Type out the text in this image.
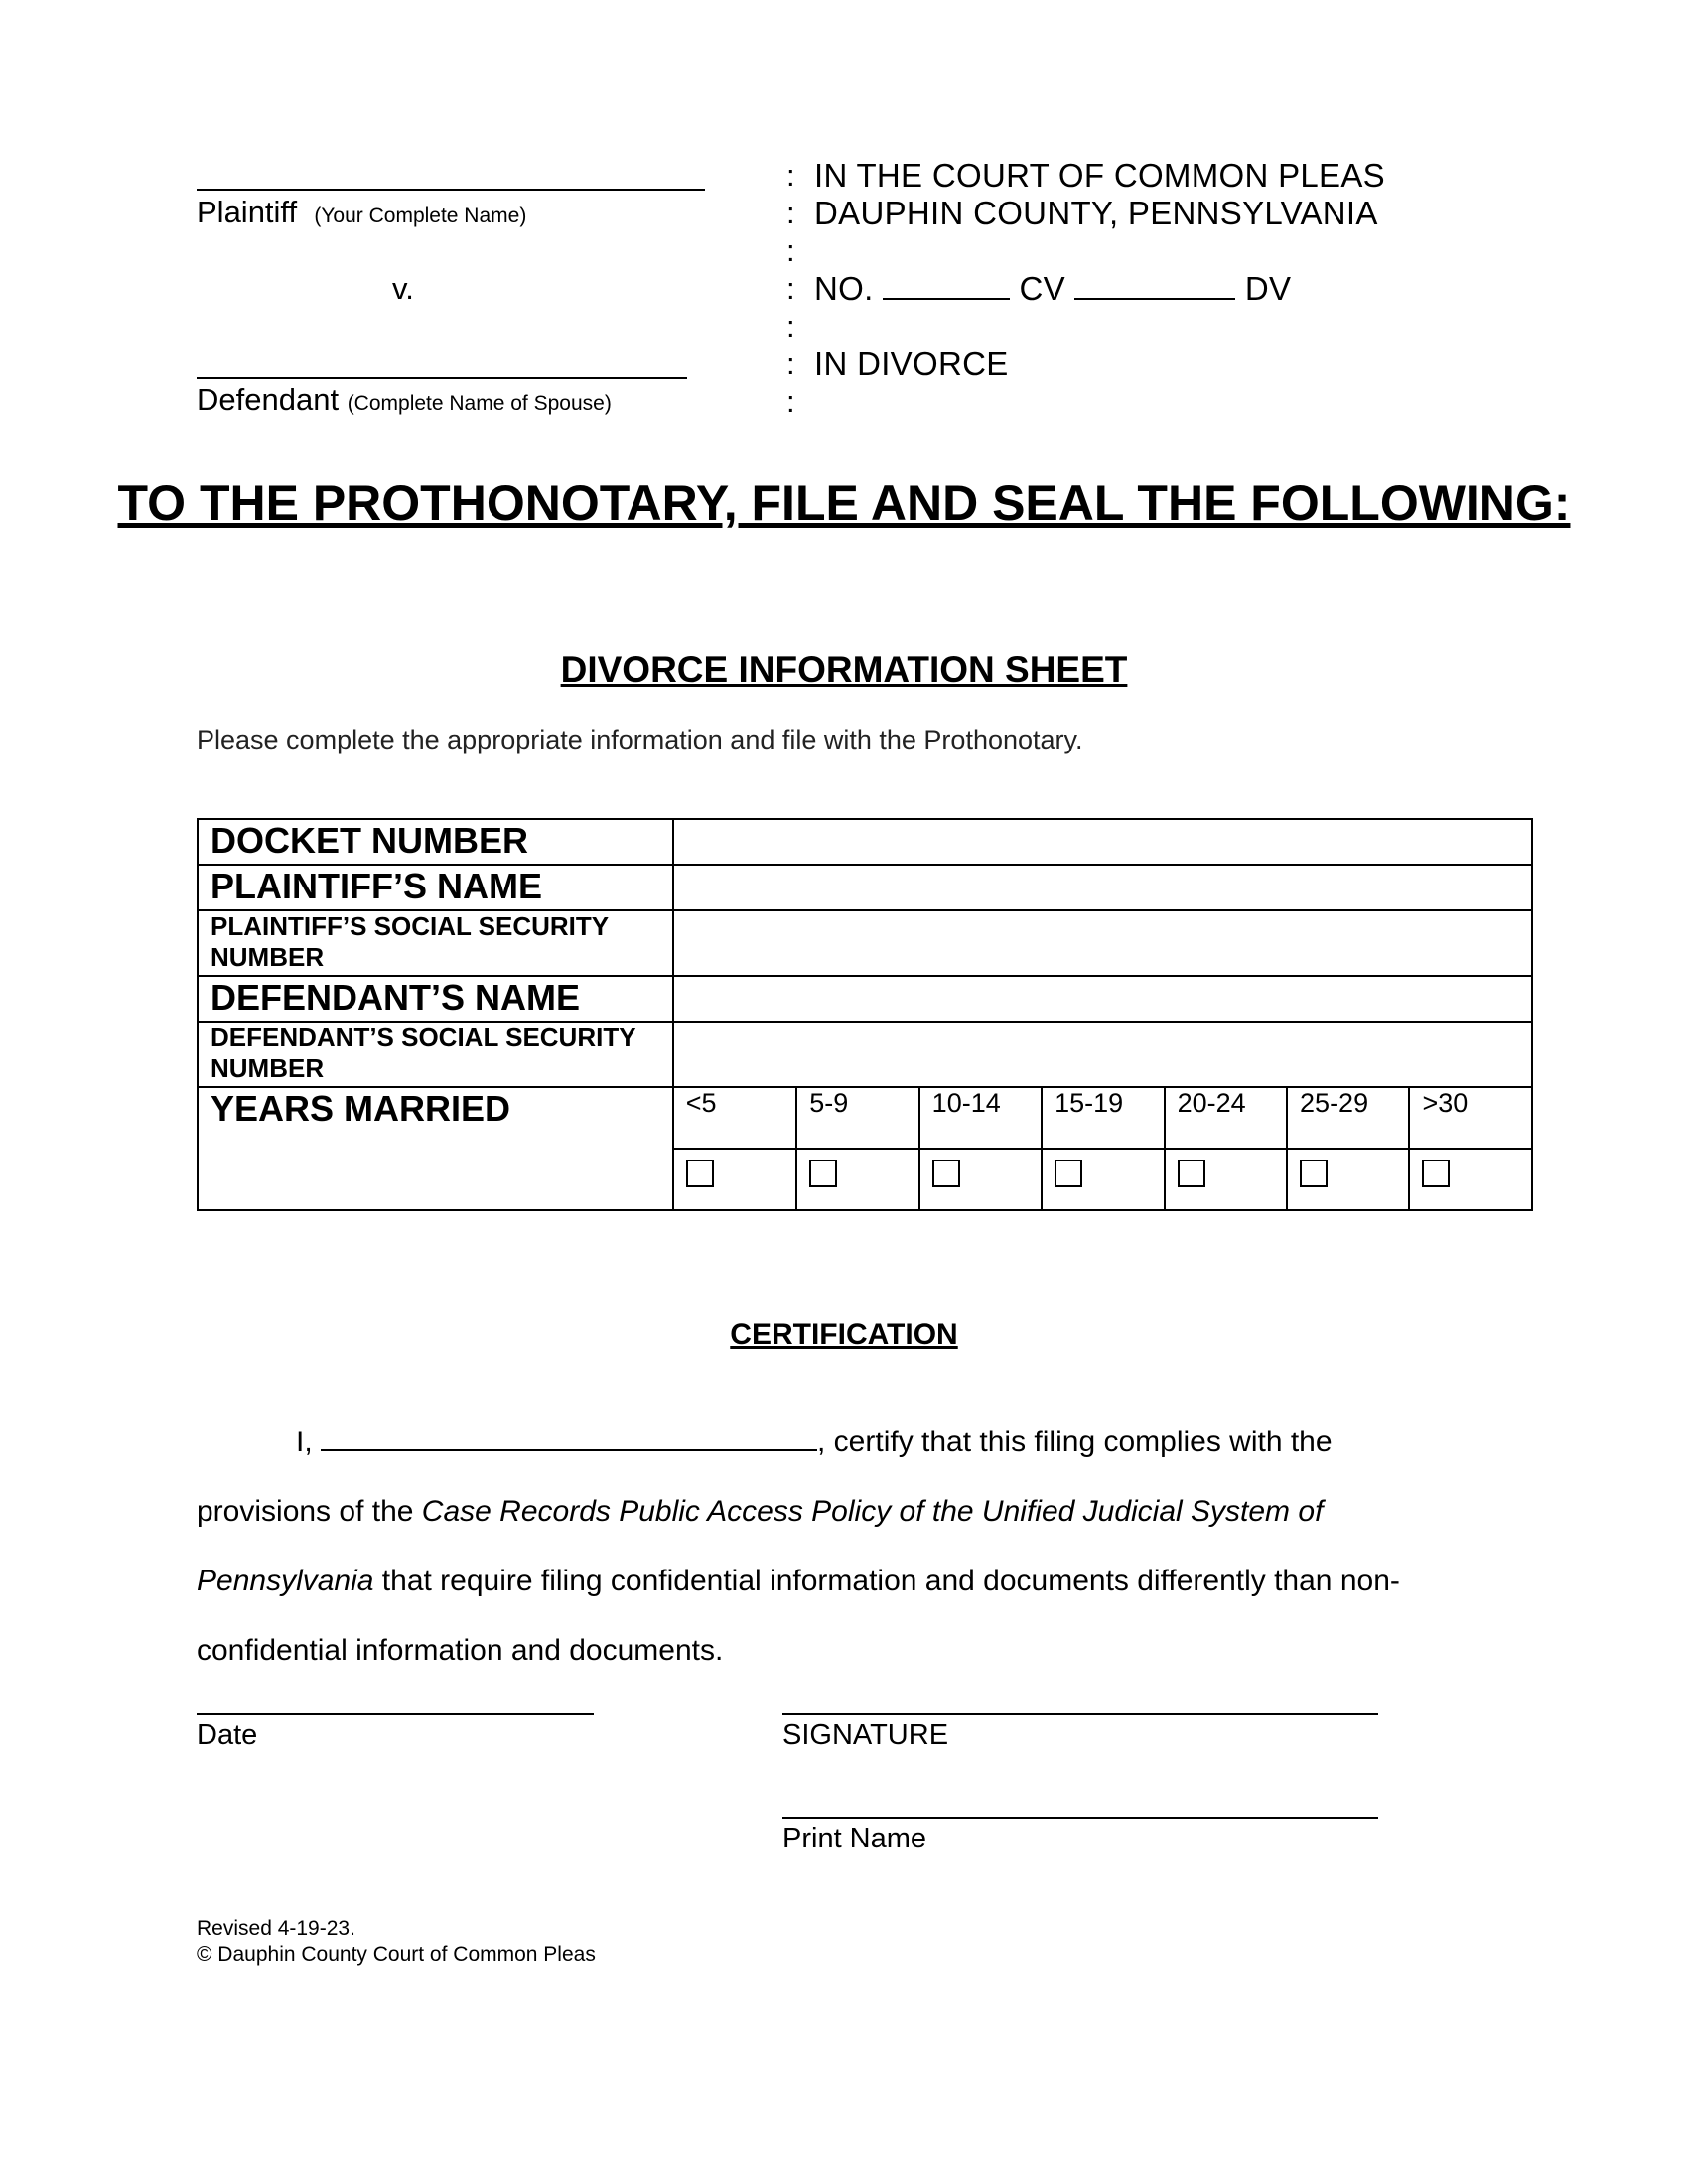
Plaintiff (Your Complete Name)
v.
Defendant (Complete Name of Spouse)
:
:
:
:
:
:
:
IN THE COURT OF COMMON PLEAS
DAUPHIN COUNTY, PENNSYLVANIA
NO.	CV	DV
IN DIVORCE
TO THE PROTHONOTARY, FILE AND SEAL THE FOLLOWING:
DIVORCE INFORMATION SHEET
Please complete the appropriate information and file with the Prothonotary.
DOCKET NUMBER							
PLAINTIFF’S NAME							
PLAINTIFF’S SOCIAL SECURITY NUMBER							
DEFENDANT’S NAME							
DEFENDANT’S SOCIAL SECURITY NUMBER							
YEARS MARRIED	<5	5-9	10-14	15-19	20-24	25-29	>30

CERTIFICATION
I,	, certify that this filing complies with the provisions of the Case Records Public Access Policy of the Unified Judicial System of Pennsylvania that require filing confidential information and documents differently than non-confidential information and documents.
Date	SIGNATURE
Print Name
Revised 4-19-23.
© Dauphin County Court of Common Pleas
